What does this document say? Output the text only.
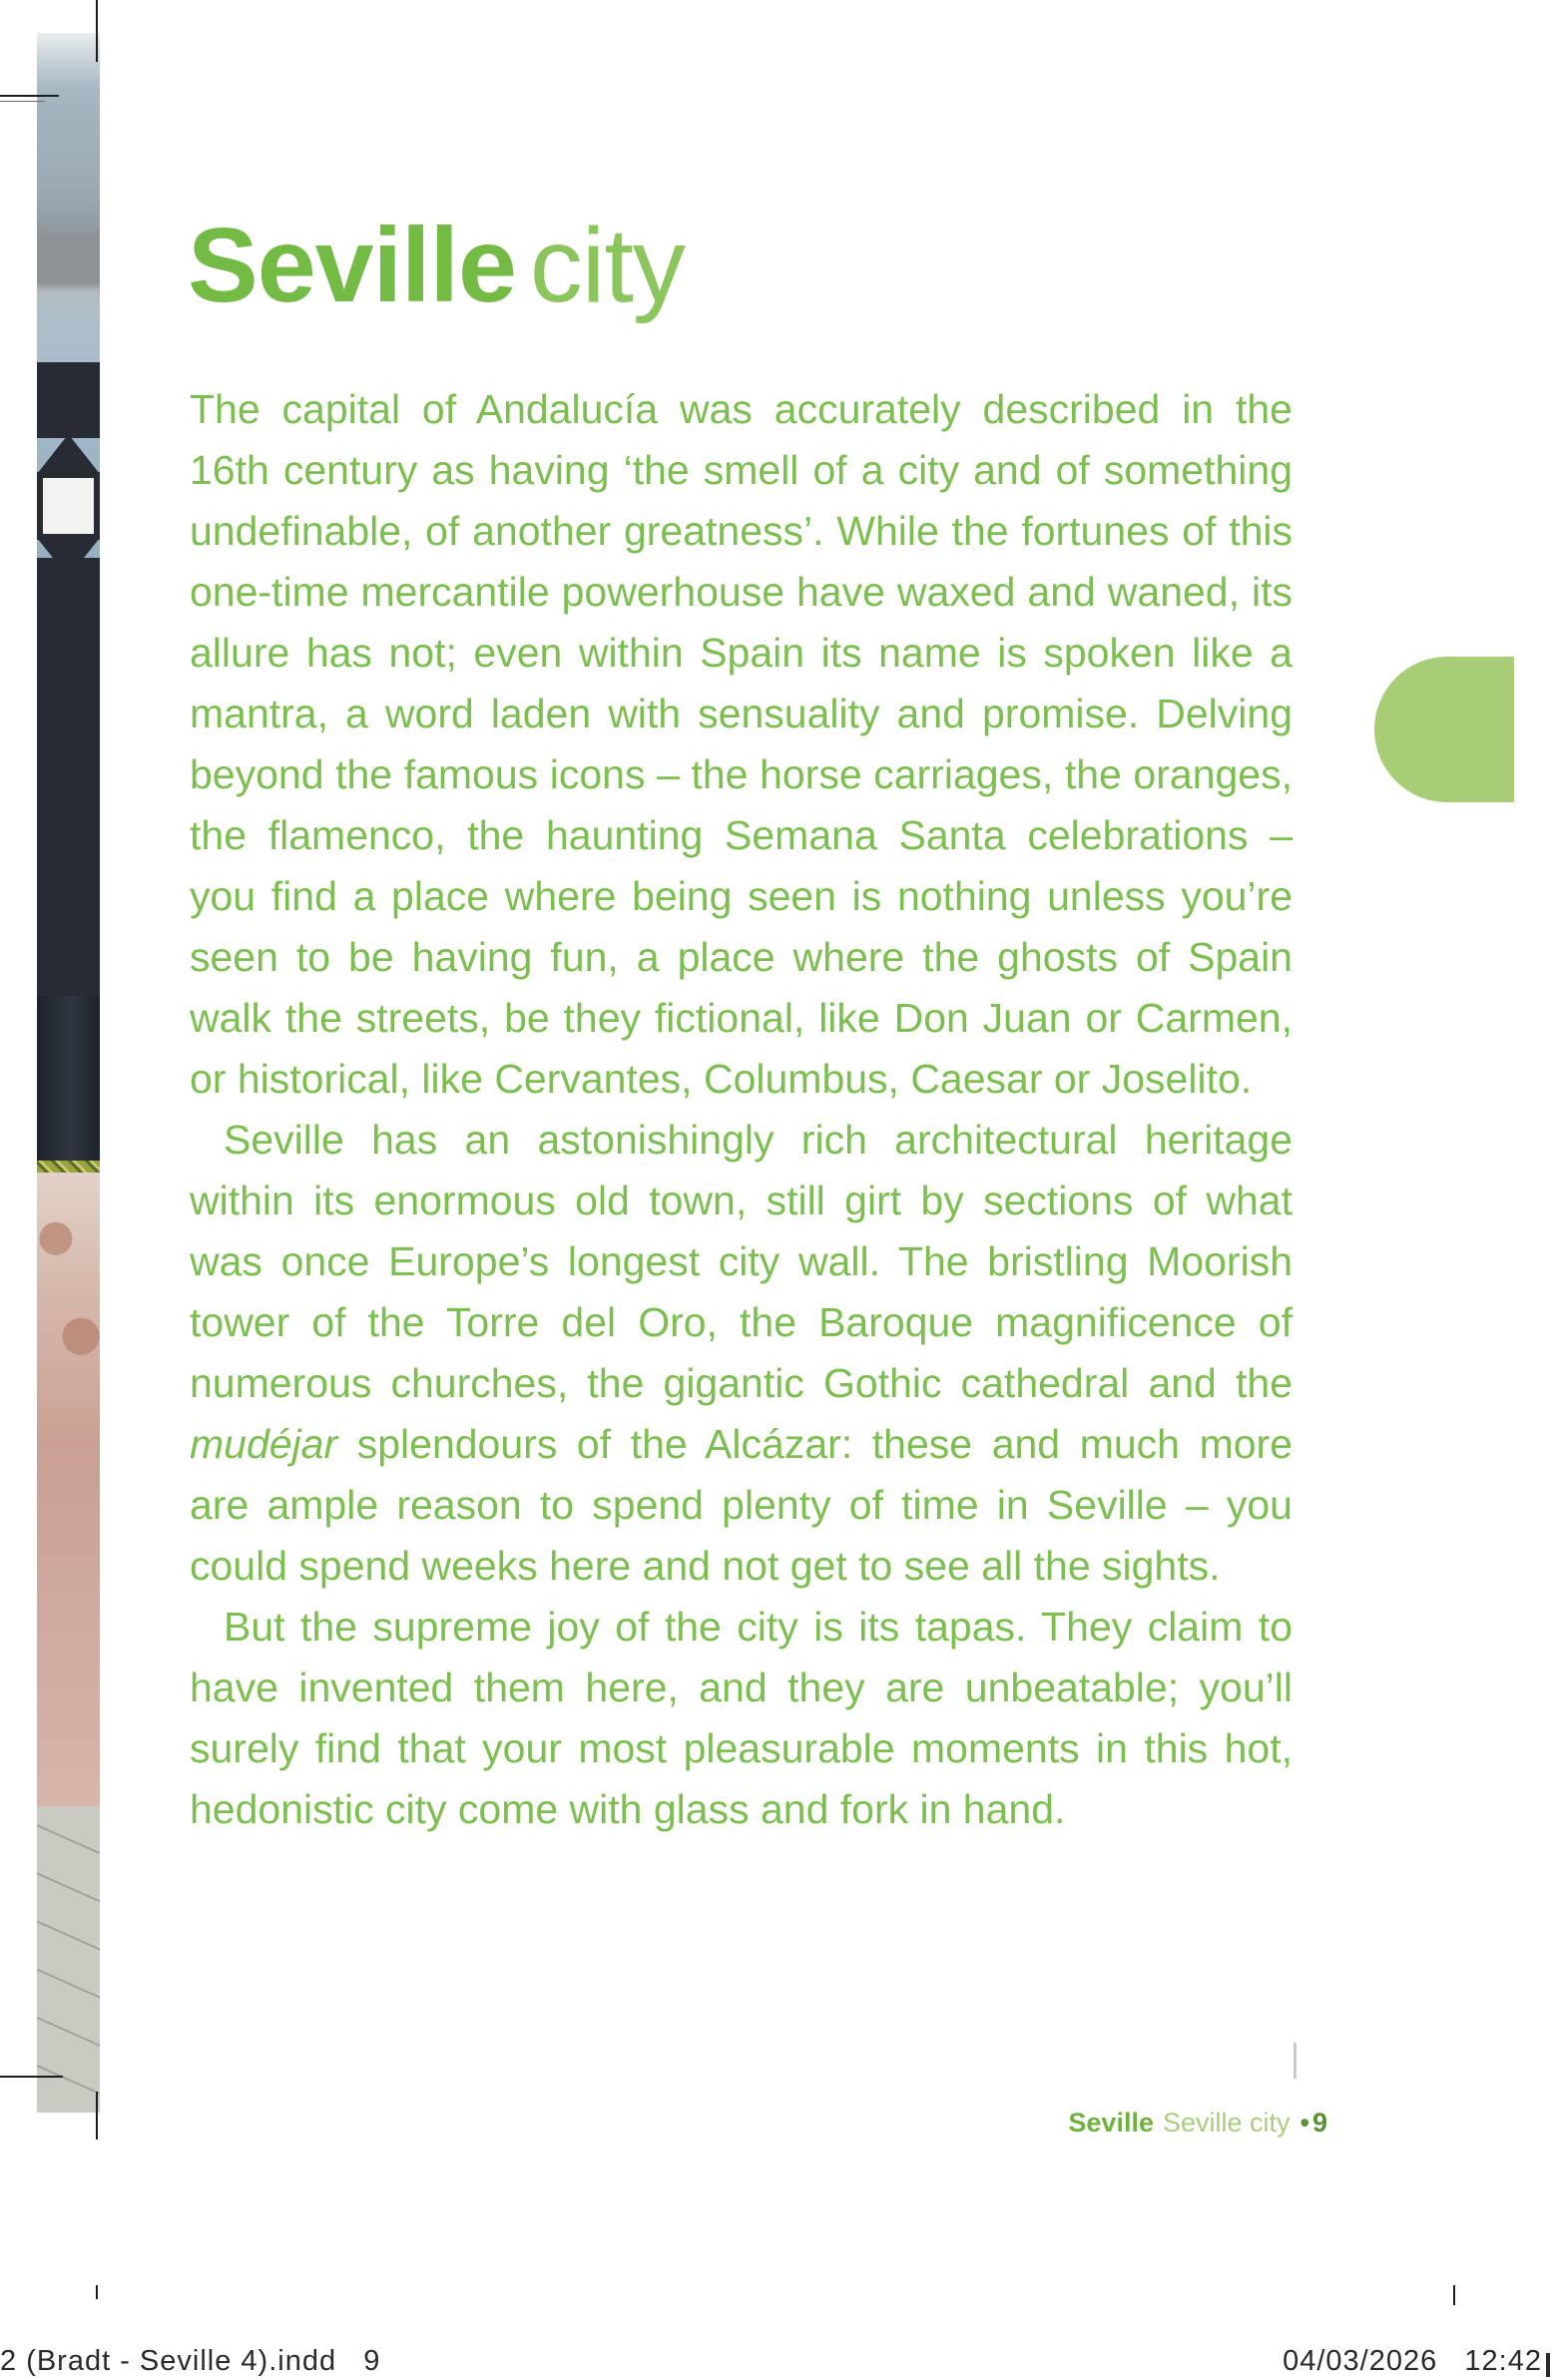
Seville city

The capital of Andalucía was accurately described in the 16th century as having ‘the smell of a city and of something undefinable, of another greatness’. While the fortunes of this one-time mercantile powerhouse have waxed and waned, its allure has not; even within Spain its name is spoken like a mantra, a word laden with sensuality and promise. Delving beyond the famous icons – the horse carriages, the oranges, the flamenco, the haunting Semana Santa celebrations – you find a place where being seen is nothing unless you’re seen to be having fun, a place where the ghosts of Spain walk the streets, be they fictional, like Don Juan or Carmen, or historical, like Cervantes, Columbus, Caesar or Joselito.

Seville has an astonishingly rich architectural heritage within its enormous old town, still girt by sections of what was once Europe’s longest city wall. The bristling Moorish tower of the Torre del Oro, the Baroque magnificence of numerous churches, the gigantic Gothic cathedral and the mudéjar splendours of the Alcázar: these and much more are ample reason to spend plenty of time in Seville – you could spend weeks here and not get to see all the sights.

But the supreme joy of the city is its tapas. They claim to have invented them here, and they are unbeatable; you’ll surely find that your most pleasurable moments in this hot, hedonistic city come with glass and fork in hand.

Seville Seville city • 9
2 (Bradt - Seville 4).indd   9	04/03/2026   12:42
